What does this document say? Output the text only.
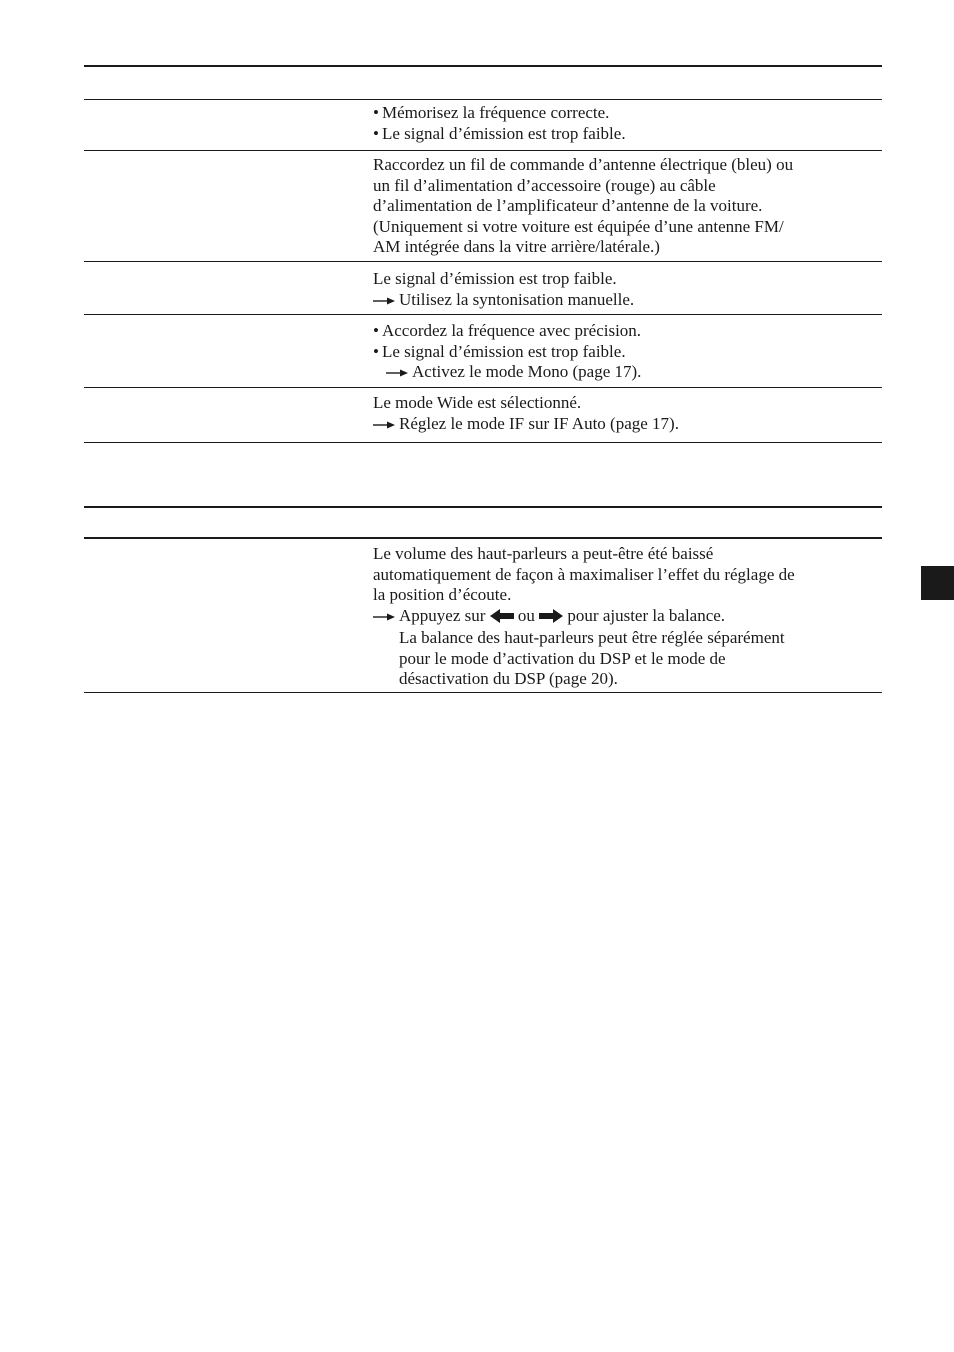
• Mémorisez la fréquence correcte.
• Le signal d’émission est trop faible.
Raccordez un fil de commande d’antenne électrique (bleu) ou
un fil d’alimentation d’accessoire (rouge) au câble
d’alimentation de l’amplificateur d’antenne de la voiture.
(Uniquement si votre voiture est équipée d’une antenne FM/
AM intégrée dans la vitre arrière/latérale.)
Le signal d’émission est trop faible.
Utilisez la syntonisation manuelle.
• Accordez la fréquence avec précision.
• Le signal d’émission est trop faible.
Activez le mode Mono (page 17).
Le mode Wide est sélectionné.
Réglez le mode IF sur IF Auto (page 17).
Le volume des haut-parleurs a peut-être été baissé
automatiquement de façon à maximaliser l’effet du réglage de
la position d’écoute.
Appuyez sur ou pour ajuster la balance.
La balance des haut-parleurs peut être réglée séparément
pour le mode d’activation du DSP et le mode de
désactivation du DSP (page 20).
